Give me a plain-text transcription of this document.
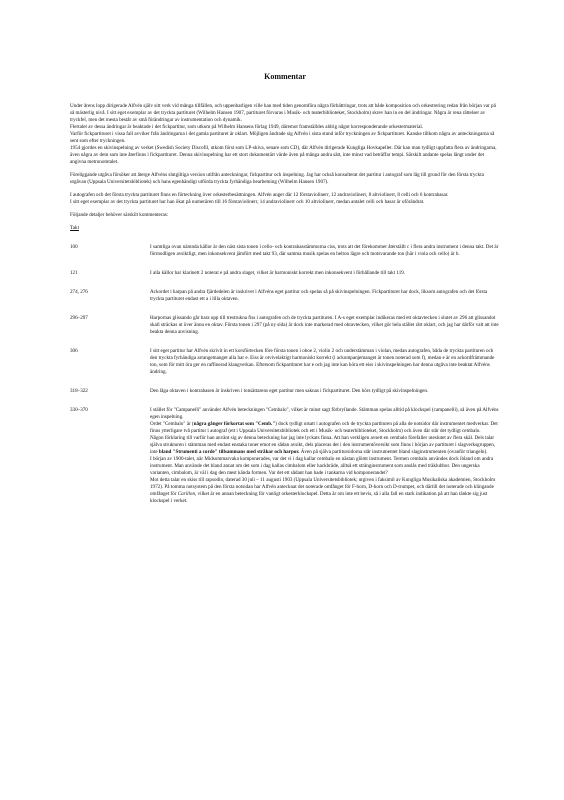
Kommentar

Under årens lopp dirigerade Alfvén själv sitt verk vid många tillfällen, och uppenbarligen ville han med tiden genomföra några förbättringar, trots att både komposition och orkestrering redan från början var på så mästerlig nivå. I sitt eget exemplar av det tryckta partituret (Wilhelm Hansen 1907, partituret förvaras i Musik- och teaterbiblioteket, Stockholm) skrev han in en del ändringar. Några är rena rättelser av tryckfel, men det mesta består av små förändringar av instrumentation och dynamik.

Flertalet av dessa ändringar är beaktade i det fickpartitur, som utkom på Wilhelm Hansens förlag 1949, däremot framställdes aldrig något korresponderande orkestermaterial.

Varför fickpartituret i vissa fall avviker från ändringarna i det gamla partituret är oklart. Möjligen ändrade sig Alfvén i sista stund inför tryckningen av fickpartituret. Kanske tillkom några av anteckningarna så sent som efter tryckningen.

1954 gjordes en skivinspelning av verket (Swedish Society Discofil, utkom först som LP-skiva, senare som CD), där Alfvén dirigerade Kungliga Hovkapellet. Där kan man tydligt uppfatta flera av ändringarna, även några av dem som inte återfinns i fickpartituret. Denna skivinspelning har ett stort dokumentärt värde även på många andra sätt, inte minst vad beträffar tempi. Särskilt andante spelas långt under det angivna metronomtalet.

Föreliggande utgåva försöker att återge Alfvéns slutgiltiga version utifrån anteckningar, fickpartitur och inspelning. Jag har också konsulterat det partitur i autograf som låg till grund för den första tryckta utgåvan (Uppsala Universitetsbibliotek) och hans egenhändigt utförda tryckta fyrhändiga bearbetning (Wilhelm Hansen 1907).

I autografen och det första tryckta partituret finns en förteckning över orkesterbesättningen. Alfvén anger där 12 förstaviolinerr, 12 andraviolinerr, 8 altviolinerr, 8 celli och 6 kontrabasar.

I sitt eget exemplar av det tryckta partituret har han ökat på numerären till 16 förstaviolinerr, 14 andraviolinerr och 10 altviolinerr, medan antalet celli och basar är oförändrat.

Följande detaljer behöver särskilt kommenteras:

Takt
100	I samtliga ovan nämnda källor är den näst sista tonen i cello- och kontrabasstämmorna ciss, trots att det förekommer återställt c i flera andra instrument i denna takt. Det är förmodligen avsiktligt, men inkonsekvent jämfört med takt 93, där samma musik spelas en helton lägre och motsvarande ton (här i viola och cello) är b.
121	I alla källor har klarinett 2 noterat e på andra slaget, vilket är harmoniskt korrekt men inkonsekvent i förhållande till takt 119.
274, 276	Ackordet i harpan på andra fjärdedelen är inskrivet i Alfvéns eget partitur och spelas så på skivinspelningen. Fickpartituret har dock, liksom autografen och det första tryckta partituret endast ett a i lilla oktaven.
296–297	Harpornas glissando går bara upp till trestrukna fiss i autografen och de tryckta partituren. I A-s eget exemplar indikeras med ett oktavtecken i slutet av 296 att glissandot skall sträckas ut över ännu en oktav. Första tonen i 297 (på ny sida) är dock inte markerad med oktavtecken, vilket gör hela stället rätt oklart, och jag har därför valt att inte beakta denna anvisning.
306	I sitt eget partitur har Alfvén skrivit in ett korsförtecken före första tonen i oboe 2, violin 2 och understämman i violan, medan autografen, båda de tryckta partituren och den tryckta fyrhändiga arrangemanget alla har e. Eiss är otvivelaktigt harmoniskt korrekt (i ackompanjemanget är tonen noterad som f), medan e är en ackordfrämmande ton, som för mitt öra ger en raffinerad klangverkan. Eftersom fickpartituret har e och jag inte kan höra ett eiss i skivinspelningen har denna utgåva inte beaktat Alfvéns ändring.
318–322	Den låga oktaven i kontrabasen är inskriven i tonsättarens eget partitur men saknas i fickpartituret. Den hörs tydligt på skivinspelningen.
330–370	I stället för "Campanelli" använder Alfvén beteckningen "Cembalo", vilket är minst sagt förbryllande. Stämman spelas alltid på klockspel (campanelli), så även på Alfvéns egen inspelning.

Ordet "Cembalo" är (några gånger förkortat som "Cemb.") dock tydligt utsatt i autografen och de tryckta partituren på alla de notsidor där instrumentet medverkar. Det finns ytterligare två partitur i autograf (ett i Uppsala Universitetsbibliotek och ett i Musik- och teaterbiblioteket, Stockholm) och även där står det tydligt cembalo.

Någon förklaring till varför han använt sig av denna beteckning har jag inte lyckats finna. Att han verkligen avsett en cembalo förefaller uteslutet av flera skäl. Dels talar själva strukturen i stämman med endast enstaka toner emot en sådan avsikt, dels placeras det i den instrumentöversikt som finns i början av partituret i slagverksgruppen, inte bland "Strumenti a corde" tillsammans med stråkar och harpor. Även på själva partitursidorna står instrumentet bland slaginstrumenten (ovanför triangeln).

I början av 1900-talet, när Midsommarvaka komponerades, var det vi i dag kallar cembalo en nästan glömt instrument. Termen cembalo användes dock ibland om andra instrument. Man använde det bland annat om det som i dag kallas cimbalom eller hackbräde, alltså ett stränginstrument som anslås med träklubbor. Den ungerska varianten, cimbalom, är väl i dag den mest kända formen. Var det ett sådant han hade i tankarna vid komponerandet?

Mot detta talar en skiss till rapsodin, daterad 30 juli – 11 augusti 1903 (Uppsala Universitetsbibliotek; utgiven i faksimil av Kungliga Musikaliska akademien, Stockholm 1972). På tomma notsystem på den första notsidan har Alfvén antecknat det noterade omfånget för F-horn, D-horn och D-trumpet, och därtill det noterade och klingande omfånget för Carillon, vilket är en annan beteckning för vanligt orkesterklockspel. Detta är om inte ett bevis, så i alla fall en stark indikation på att han tänkte sig just klockspel i verket.
